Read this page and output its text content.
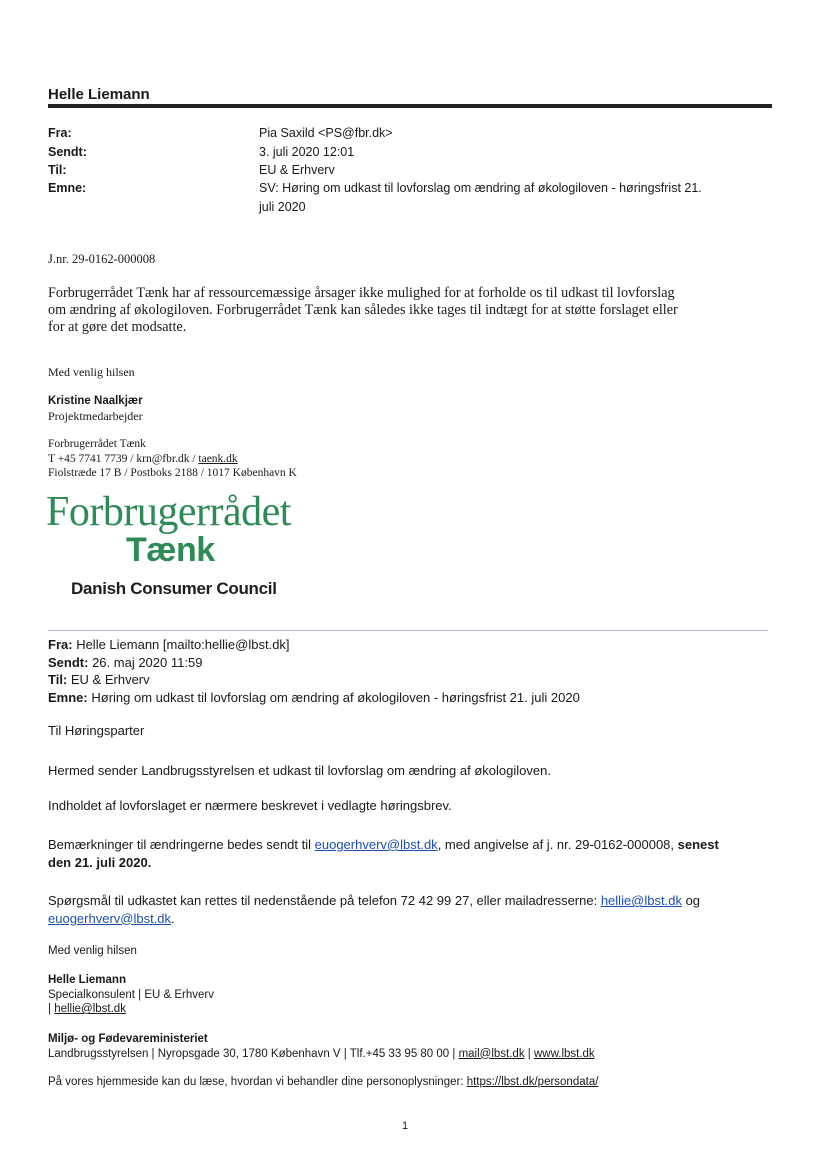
Helle Liemann
Fra:	Pia Saxild <PS@fbr.dk>
Sendt:	3. juli 2020 12:01
Til:	EU & Erhverv
Emne:	SV: Høring om udkast til lovforslag om ændring af økologiloven - høringsfrist 21.
juli 2020
J.nr. 29-0162-000008
Forbrugerrådet Tænk har af ressourcemæssige årsager ikke mulighed for at forholde os til udkast til lovforslag
om ændring af økologiloven. Forbrugerrådet Tænk kan således ikke tages til indtægt for at støtte forslaget eller
for at gøre det modsatte.
Med venlig hilsen
Kristine Naalkjær
Projektmedarbejder
Forbrugerrådet Tænk
T +45 7741 7739 / krn@fbr.dk / taenk.dk
Fiolstræde 17 B / Postboks 2188 / 1017 København K
Forbrugerrådet
Tænk
Danish Consumer Council
Fra: Helle Liemann [mailto:hellie@lbst.dk]
Sendt: 26. maj 2020 11:59
Til: EU & Erhverv
Emne: Høring om udkast til lovforslag om ændring af økologiloven - høringsfrist 21. juli 2020
Til Høringsparter
Hermed sender Landbrugsstyrelsen et udkast til lovforslag om ændring af økologiloven.
Indholdet af lovforslaget er nærmere beskrevet i vedlagte høringsbrev.
Bemærkninger til ændringerne bedes sendt til euogerhverv@lbst.dk, med angivelse af j. nr. 29-0162-000008, senest
den 21. juli 2020.
Spørgsmål til udkastet kan rettes til nedenstående på telefon 72 42 99 27, eller mailadresserne: hellie@lbst.dk og
euogerhverv@lbst.dk.
Med venlig hilsen
Helle Liemann
Specialkonsulent | EU & Erhverv
| hellie@lbst.dk
Miljø- og Fødevareministeriet
Landbrugsstyrelsen | Nyropsgade 30, 1780 København V | Tlf.+45 33 95 80 00 | mail@lbst.dk | www.lbst.dk
På vores hjemmeside kan du læse, hvordan vi behandler dine personoplysninger: https://lbst.dk/persondata/
1
